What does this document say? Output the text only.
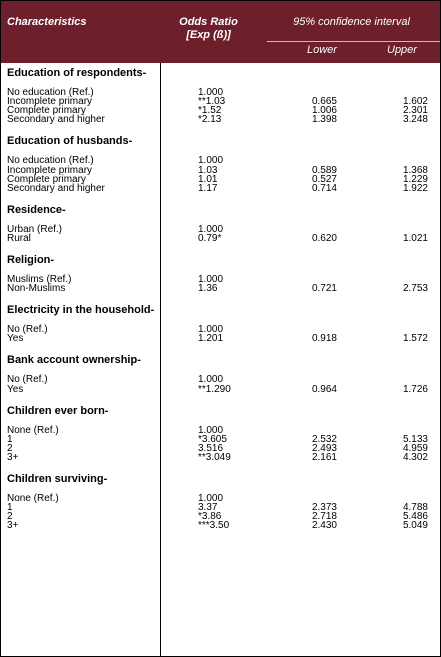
Characteristics	Odds Ratio
[Exp (ß)]
95% confidence interval
Lower	Upper
Education of respondents-
No education (Ref.)	1.000
Incomplete primary	**1.03	0.665	1.602
Complete primary	*1.52	1.006	2.301
Secondary and higher	*2.13	1.398	3.248
Education of husbands-
No education (Ref.)	1.000
Incomplete primary	1.03	0.589	1.368
Complete primary	1.01	0.527	1.229
Secondary and higher	1.17	0.714	1.922
Residence-
Urban (Ref.)	1.000
Rural	0.79*	0.620	1.021
Religion-
Muslims (Ref.)	1.000
Non-Muslims	1.36	0.721	2.753
Electricity in the household-
No (Ref.)	1.000
Yes	1.201	0.918	1.572
Bank account ownership-
No (Ref.)	1.000
Yes	**1.290	0.964	1.726
Children ever born-
None (Ref.)	1.000
1	*3.605	2.532	5.133
2	3.516	2.493	4.959
3+	**3.049	2.161	4.302
Children surviving-
None (Ref.)	1.000
1	3.37	2.373	4.788
2	*3.86	2.718	5.486
3+	***3.50	2.430	5.049
